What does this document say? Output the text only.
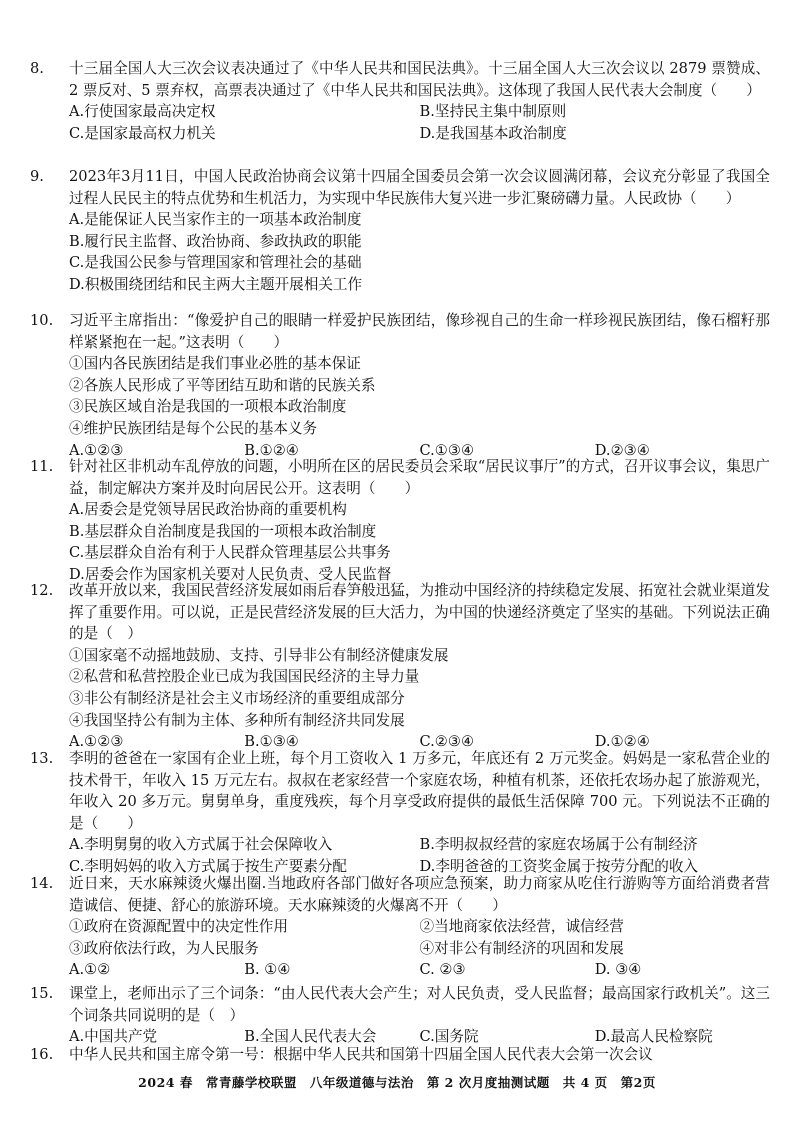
8.	十三届全国人大三次会议表决通过了《中华人民共和国民法典》。十三届全国人大三次会议以 2879 票赞成、2 票反对、5 票弃权，高票表决通过了《中华人民共和国民法典》。这体现了我国人民代表大会制度（　　）
A.行使国家最高决定权	B.坚持民主集中制原则
C.是国家最高权力机关	D.是我国基本政治制度
9.	2023年3月11日，中国人民政治协商会议第十四届全国委员会第一次会议圆满闭幕，会议充分彰显了我国全过程人民民主的特点优势和生机活力，为实现中华民族伟大复兴进一步汇聚磅礴力量。人民政协（　　）
A.是能保证人民当家作主的一项基本政治制度
B.履行民主监督、政治协商、参政执政的职能
C.是我国公民参与管理国家和管理社会的基础
D.积极围绕团结和民主两大主题开展相关工作
10.	习近平主席指出：“像爱护自己的眼睛一样爱护民族团结，像珍视自己的生命一样珍视民族团结，像石榴籽那样紧紧抱在一起。”这表明（　　）
①国内各民族团结是我们事业必胜的基本保证
②各族人民形成了平等团结互助和谐的民族关系
③民族区域自治是我国的一项根本政治制度
④维护民族团结是每个公民的基本义务
A.①②③	B.①②④	C.①③④	D.②③④
11.	针对社区非机动车乱停放的问题，小明所在区的居民委员会采取“居民议事厅”的方式，召开议事会议，集思广益，制定解决方案并及时向居民公开。这表明（　　）
A.居委会是党领导居民政治协商的重要机构
B.基层群众自治制度是我国的一项根本政治制度
C.基层群众自治有利于人民群众管理基层公共事务
D.居委会作为国家机关要对人民负责、受人民监督
12.	改革开放以来，我国民营经济发展如雨后春笋般迅猛，为推动中国经济的持续稳定发展、拓宽社会就业渠道发挥了重要作用。可以说，正是民营经济发展的巨大活力，为中国的快递经济奠定了坚实的基础。下列说法正确的是（　）
①国家毫不动摇地鼓励、支持、引导非公有制经济健康发展
②私营和私营控股企业已成为我国国民经济的主导力量
③非公有制经济是社会主义市场经济的重要组成部分
④我国坚持公有制为主体、多种所有制经济共同发展
A.①②③	B.①③④	C.②③④	D.①②④
13.	李明的爸爸在一家国有企业上班，每个月工资收入 1 万多元，年底还有 2 万元奖金。妈妈是一家私营企业的技术骨干，年收入 15 万元左右。叔叔在老家经营一个家庭农场，种植有机茶，还依托农场办起了旅游观光，年收入 20 多万元。舅舅单身，重度残疾，每个月享受政府提供的最低生活保障 700 元。下列说法不正确的是（　　）
A.李明舅舅的收入方式属于社会保障收入	B.李明叔叔经营的家庭农场属于公有制经济
C.李明妈妈的收入方式属于按生产要素分配	D.李明爸爸的工资奖金属于按劳分配的收入
14.	近日来，天水麻辣烫火爆出圈.当地政府各部门做好各项应急预案，助力商家从吃住行游购等方面给消费者营造诚信、便捷、舒心的旅游环境。天水麻辣烫的火爆离不开（　　）
①政府在资源配置中的决定性作用	②当地商家依法经营，诚信经营
③政府依法行政，为人民服务	④对非公有制经济的巩固和发展
A.①②	B. ①④	C. ②③	D. ③④
15.	课堂上，老师出示了三个词条：“由人民代表大会产生；对人民负责，受人民监督；最高国家行政机关”。这三个词条共同说明的是（　）
A.中国共产党	B.全国人民代表大会	C.国务院	D.最高人民检察院
16.	中华人民共和国主席令第一号：根据中华人民共和国第十四届全国人民代表大会第一次会议
2024 春　常青藤学校联盟　八年级道德与法治　第 2 次月度抽测试题　共 4 页　第2页
